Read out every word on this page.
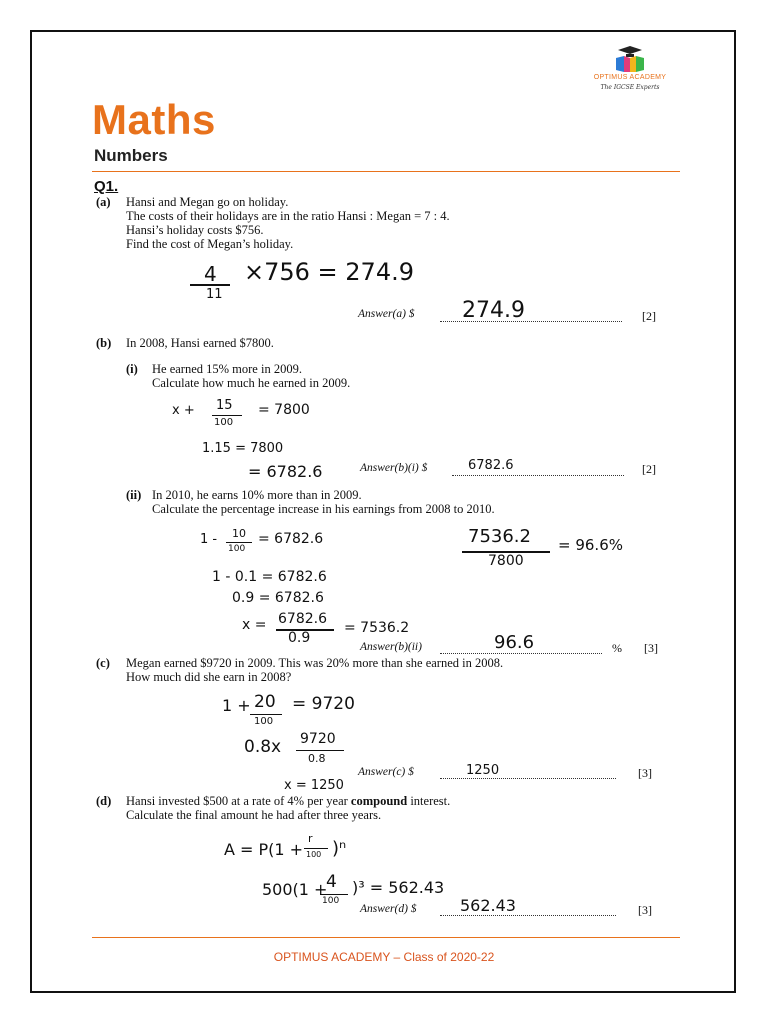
OPTIMUS ACADEMY
The IGCSE Experts
Maths
Numbers
Q1.
(a) Hansi and Megan go on holiday.
The costs of their holidays are in the ratio Hansi : Megan = 7 : 4.
Hansi’s holiday costs $756.
Find the cost of Megan’s holiday.
4
11
×756 = 274.9
Answer(a) $ 274.9	[2]
(b) In 2008, Hansi earned $7800.
(i) He earned 15% more in 2009.
Calculate how much he earned in 2009.
x + 15
100
= 7800
1.15 = 7800
= 6782.6	Answer(b)(i) $	6782.6	[2]
(ii) In 2010, he earns 10% more than in 2009.
Calculate the percentage increase in his earnings from 2008 to 2010.
1 - 10
100
= 6782.6
1 - 0.1 = 6782.6
0.9 = 6782.6
x = 6782.6
0.9
= 7536.2
7536.2
7800
= 96.6%
Answer(b)(ii)	96.6	% [3]
(c) Megan earned $9720 in 2009. This was 20% more than she earned in 2008.
How much did she earn in 2008?
1 + 20
100
= 9720
0.8x 9720
0.8
x = 1250
Answer(c) $	1250	[3]
(d) Hansi invested $500 at a rate of 4% per year compound interest.
Calculate the final amount he had after three years.
A = P(1 +
r
100 )ⁿ
500(1 +
4
100
)³ = 562.43
Answer(d) $	562.43	[3]
OPTIMUS ACADEMY – Class of 2020-22
